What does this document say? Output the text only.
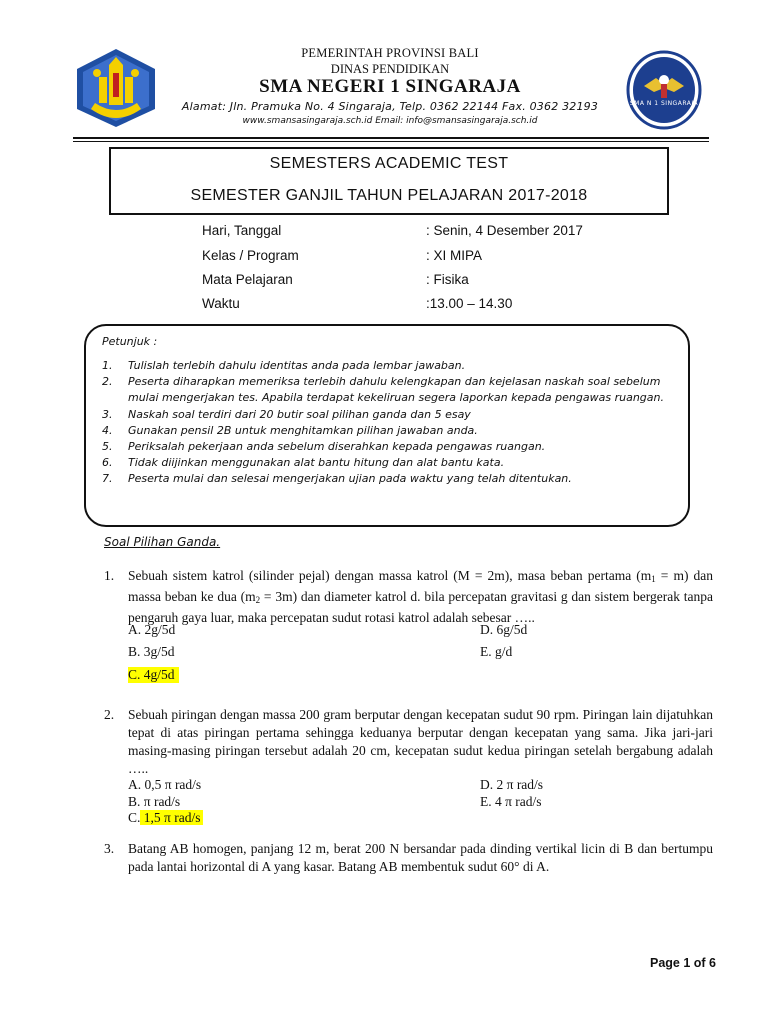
PEMERINTAH PROVINSI BALI
DINAS PENDIDIKAN
SMA NEGERI 1 SINGARAJA
Alamat: Jln. Pramuka No. 4 Singaraja, Telp. 0362 22144 Fax. 0362 32193
www.smansasingaraja.sch.id Email: info@smansasingaraja.sch.id
SMA N 1 SINGARAJA
SEMESTERS ACADEMIC TEST
SEMESTER GANJIL TAHUN PELAJARAN 2017-2018
Hari, Tanggal	: Senin, 4 Desember 2017
Kelas / Program	: XI MIPA
Mata Pelajaran	: Fisika
Waktu	:13.00 – 14.30
Petunjuk :
1.	Tulislah terlebih dahulu identitas anda pada lembar jawaban.
2.	Peserta diharapkan memeriksa terlebih dahulu kelengkapan dan kejelasan naskah soal sebelum mulai mengerjakan tes. Apabila terdapat kekeliruan segera laporkan kepada pengawas ruangan.
3.	Naskah soal terdiri dari 20 butir soal pilihan ganda dan 5 esay
4.	Gunakan pensil 2B untuk menghitamkan pilihan jawaban anda.
5.	Periksalah pekerjaan anda sebelum diserahkan kepada pengawas ruangan.
6.	Tidak diijinkan menggunakan alat bantu hitung dan alat bantu kata.
7.	Peserta mulai dan selesai mengerjakan ujian pada waktu yang telah ditentukan.
Soal Pilihan Ganda.
1. Sebuah sistem katrol (silinder pejal) dengan massa katrol (M = 2m), masa beban pertama $(m_1 = m)$ dan massa beban ke dua $(m_2 = 3m)$ dan diameter katrol d. bila percepatan gravitasi g dan sistem bergerak tanpa pengaruh gaya luar, maka percepatan sudut rotasi katrol adalah sebesar …..
A. 2g/5d	D. 6g/5d
B. 3g/5d	E. g/d
C. 4g/5d
2. Sebuah piringan dengan massa 200 gram berputar dengan kecepatan sudut 90 rpm. Piringan lain dijatuhkan tepat di atas piringan pertama sehingga keduanya berputar dengan kecepatan yang sama. Jika jari-jari masing-masing piringan tersebut adalah 20 cm, kecepatan sudut kedua piringan setelah bergabung adalah …..
A. 0,5 π rad/s	D. 2 π rad/s
B. π rad/s	E. 4 π rad/s
C. 1,5 π rad/s
3. Batang AB homogen, panjang 12 m, berat 200 N bersandar pada dinding vertikal licin di B dan bertumpu pada lantai horizontal di A yang kasar. Batang AB membentuk sudut 60° di A.
Page 1 of 6
